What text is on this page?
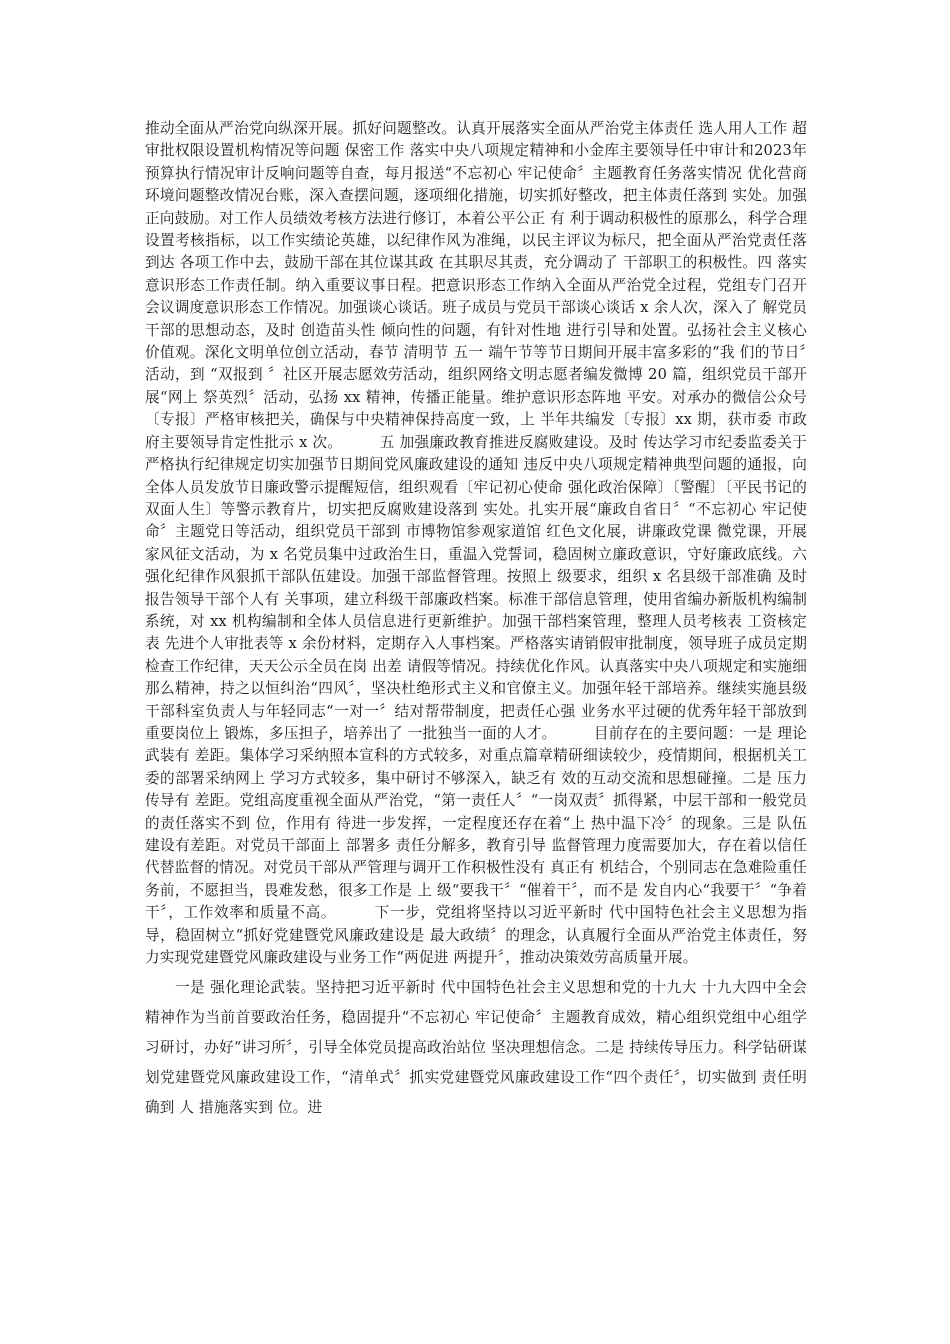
推动全面从严治党向纵深开展。抓好问题整改。认真开展落实全面从严治党主体责任 选人用人工作 超审批权限设置机构情况等问题 保密工作 落实中央八项规定精神和小金库主要领导任中审计和2023年预算执行情况审计反响问题等自查，每月报送“不忘初心 牢记使命〞主题教育任务落实情况 优化营商环境问题整改情况台账，深入查摆问题，逐项细化措施，切实抓好整改，把主体责任落到 实处。加强正向鼓励。对工作人员绩效考核方法进行修订，本着公平公正 有 利于调动积极性的原那么，科学合理设置考核指标，以工作实绩论英雄，以纪律作风为准绳，以民主评议为标尺，把全面从严治党责任落到达 各项工作中去，鼓励干部在其位谋其政 在其职尽其责，充分调动了 干部职工的积极性。四 落实意识形态工作责任制。纳入重要议事日程。把意识形态工作纳入全面从严治党全过程，党组专门召开会议调度意识形态工作情况。加强谈心谈话。班子成员与党员干部谈心谈话 x 余人次，深入了 解党员干部的思想动态，及时 创造苗头性 倾向性的问题，有针对性地 进行引导和处置。弘扬社会主义核心价值观。深化文明单位创立活动，春节 清明节 五一 端午节等节日期间开展丰富多彩的“我 们的节日〞活动，到 “双报到 〞社区开展志愿效劳活动，组织网络文明志愿者编发微博 20 篇，组织党员干部开展“网上 祭英烈〞活动，弘扬 xx 精神，传播正能量。维护意识形态阵地 平安。对承办的微信公众号〔专报〕严格审核把关，确保与中央精神保持高度一致，上 半年共编发〔专报〕xx 期，获市委 市政府主要领导肯定性批示 x 次。　　　五 加强廉政教育推进反腐败建设。及时 传达学习市纪委监委关于严格执行纪律规定切实加强节日期间党风廉政建设的通知 违反中央八项规定精神典型问题的通报，向全体人员发放节日廉政警示提醒短信，组织观看〔牢记初心使命 强化政治保障〕〔警醒〕〔平民书记的双面人生〕等警示教育片，切实把反腐败建设落到 实处。扎实开展“廉政自省日〞“不忘初心 牢记使命〞主题党日等活动，组织党员干部到 市博物馆参观家道馆 红色文化展，讲廉政党课 微党课，开展家风征文活动，为 x 名党员集中过政治生日，重温入党誓词，稳固树立廉政意识，守好廉政底线。六 强化纪律作风狠抓干部队伍建设。加强干部监督管理。按照上 级要求，组织 x 名县级干部准确 及时 报告领导干部个人有 关事项，建立科级干部廉政档案。标准干部信息管理，使用省编办新版机构编制系统，对 xx 机构编制和全体人员信息进行更新维护。加强干部档案管理，整理人员考核表 工资核定表 先进个人审批表等 x 余份材料，定期存入人事档案。严格落实请销假审批制度，领导班子成员定期检查工作纪律，天天公示全员在岗 出差 请假等情况。持续优化作风。认真落实中央八项规定和实施细那么精神，持之以恒纠治“四风〞，坚决杜绝形式主义和官僚主义。加强年轻干部培养。继续实施县级干部科室负责人与年轻同志“一对一〞结对帮带制度，把责任心强 业务水平过硬的优秀年轻干部放到 重要岗位上 锻炼，多压担子，培养出了 一批独当一面的人才。　　　目前存在的主要问题：一是 理论武装有 差距。集体学习采纳照本宣科的方式较多，对重点篇章精研细读较少，疫情期间，根据机关工委的部署采纳网上 学习方式较多，集中研讨不够深入，缺乏有 效的互动交流和思想碰撞。二是 压力传导有 差距。党组高度重视全面从严治党，“第一责任人〞“一岗双责〞抓得紧，中层干部和一般党员的责任落实不到 位，作用有 待进一步发挥，一定程度还存在着“上 热中温下冷〞的现象。三是 队伍建设有差距。对党员干部面上 部署多 责任分解多，教育引导 监督管理力度需要加大，存在着以信任代替监督的情况。对党员干部从严管理与调开工作积极性没有 真正有 机结合，个别同志在急难险重任务前，不愿担当，畏难发愁，很多工作是 上 级“要我干〞“催着干〞，而不是 发自内心“我要干〞“争着干〞，工作效率和质量不高。　　　下一步，党组将坚持以习近平新时 代中国特色社会主义思想为指导，稳固树立“抓好党建暨党风廉政建设是 最大政绩〞的理念，认真履行全面从严治党主体责任，努力实现党建暨党风廉政建设与业务工作“两促进 两提升〞，推动决策效劳高质量开展。

一是 强化理论武装。坚持把习近平新时 代中国特色社会主义思想和党的十九大 十九大四中全会精神作为当前首要政治任务，稳固提升“不忘初心 牢记使命〞主题教育成效，精心组织党组中心组学习研讨，办好“讲习所〞，引导全体党员提高政治站位 坚决理想信念。二是 持续传导压力。科学钻研谋划党建暨党风廉政建设工作，“清单式〞抓实党建暨党风廉政建设工作“四个责任〞，切实做到 责任明确到 人 措施落实到 位。进
